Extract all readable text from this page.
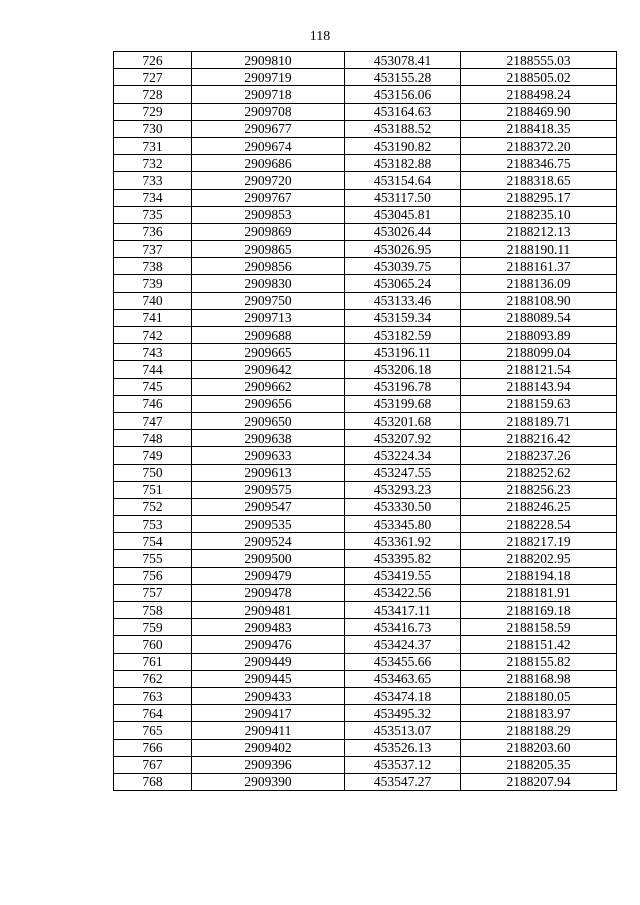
118
726	2909810	453078.41	2188555.03
727	2909719	453155.28	2188505.02
728	2909718	453156.06	2188498.24
729	2909708	453164.63	2188469.90
730	2909677	453188.52	2188418.35
731	2909674	453190.82	2188372.20
732	2909686	453182.88	2188346.75
733	2909720	453154.64	2188318.65
734	2909767	453117.50	2188295.17
735	2909853	453045.81	2188235.10
736	2909869	453026.44	2188212.13
737	2909865	453026.95	2188190.11
738	2909856	453039.75	2188161.37
739	2909830	453065.24	2188136.09
740	2909750	453133.46	2188108.90
741	2909713	453159.34	2188089.54
742	2909688	453182.59	2188093.89
743	2909665	453196.11	2188099.04
744	2909642	453206.18	2188121.54
745	2909662	453196.78	2188143.94
746	2909656	453199.68	2188159.63
747	2909650	453201.68	2188189.71
748	2909638	453207.92	2188216.42
749	2909633	453224.34	2188237.26
750	2909613	453247.55	2188252.62
751	2909575	453293.23	2188256.23
752	2909547	453330.50	2188246.25
753	2909535	453345.80	2188228.54
754	2909524	453361.92	2188217.19
755	2909500	453395.82	2188202.95
756	2909479	453419.55	2188194.18
757	2909478	453422.56	2188181.91
758	2909481	453417.11	2188169.18
759	2909483	453416.73	2188158.59
760	2909476	453424.37	2188151.42
761	2909449	453455.66	2188155.82
762	2909445	453463.65	2188168.98
763	2909433	453474.18	2188180.05
764	2909417	453495.32	2188183.97
765	2909411	453513.07	2188188.29
766	2909402	453526.13	2188203.60
767	2909396	453537.12	2188205.35
768	2909390	453547.27	2188207.94
